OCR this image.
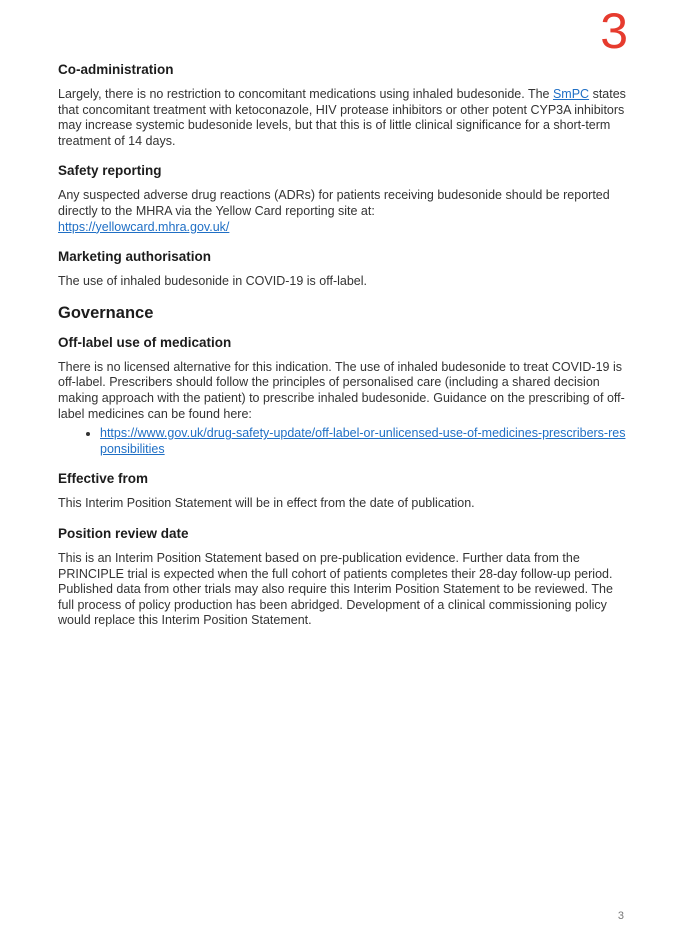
3
Co-administration

Largely, there is no restriction to concomitant medications using inhaled budesonide. The SmPC states that concomitant treatment with ketoconazole, HIV protease inhibitors or other potent CYP3A inhibitors may increase systemic budesonide levels, but that this is of little clinical significance for a short-term treatment of 14 days.

Safety reporting

Any suspected adverse drug reactions (ADRs) for patients receiving budesonide should be reported directly to the MHRA via the Yellow Card reporting site at:
https://yellowcard.mhra.gov.uk/

Marketing authorisation

The use of inhaled budesonide in COVID-19 is off-label.

Governance
Off-label use of medication

There is no licensed alternative for this indication. The use of inhaled budesonide to treat COVID-19 is off-label. Prescribers should follow the principles of personalised care (including a shared decision making approach with the patient) to prescribe inhaled budesonide. Guidance on the prescribing of off-label medicines can be found here:

• https://www.gov.uk/drug-safety-update/off-label-or-unlicensed-use-of-medicines-prescribers-responsibilities
Effective from

This Interim Position Statement will be in effect from the date of publication.

Position review date

This is an Interim Position Statement based on pre-publication evidence. Further data from the PRINCIPLE trial is expected when the full cohort of patients completes their 28-day follow-up period. Published data from other trials may also require this Interim Position Statement to be reviewed. The full process of policy production has been abridged. Development of a clinical commissioning policy would replace this Interim Position Statement.

3
